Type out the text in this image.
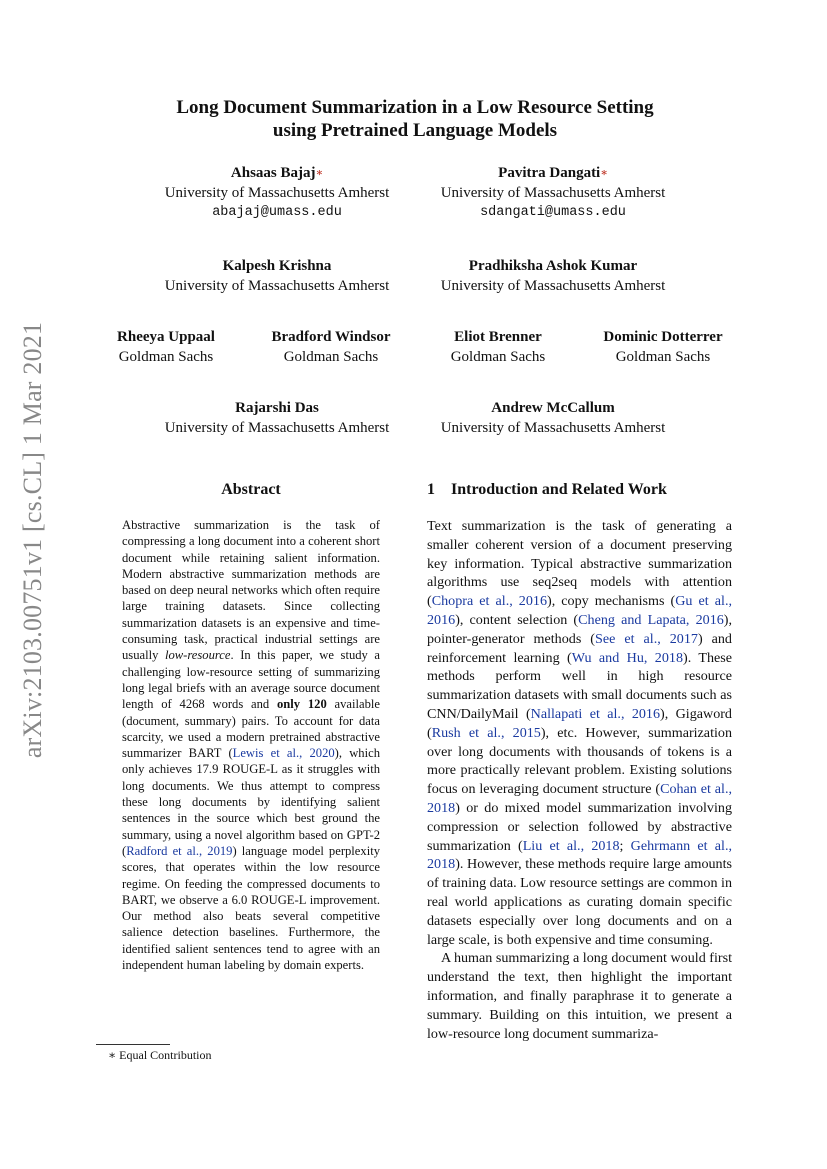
arXiv:2103.00751v1 [cs.CL] 1 Mar 2021
Long Document Summarization in a Low Resource Setting
using Pretrained Language Models
Ahsaas Bajaj∗
University of Massachusetts Amherst
abajaj@umass.edu
Pavitra Dangati∗
University of Massachusetts Amherst
sdangati@umass.edu
Kalpesh Krishna
University of Massachusetts Amherst
Pradhiksha Ashok Kumar
University of Massachusetts Amherst
Rheeya Uppaal
Goldman Sachs
Bradford Windsor
Goldman Sachs
Eliot Brenner
Goldman Sachs
Dominic Dotterrer
Goldman Sachs
Rajarshi Das
University of Massachusetts Amherst
Andrew McCallum
University of Massachusetts Amherst
Abstract

Abstractive summarization is the task of compressing a long document into a coherent short document while retaining salient information. Modern abstractive summarization methods are based on deep neural networks which often require large training datasets. Since collecting summarization datasets is an expensive and time-consuming task, practical industrial settings are usually low-resource. In this paper, we study a challenging low-resource setting of summarizing long legal briefs with an average source document length of 4268 words and only 120 available (document, summary) pairs. To account for data scarcity, we used a modern pretrained abstractive summarizer BART (Lewis et al., 2020), which only achieves 17.9 ROUGE-L as it struggles with long documents. We thus attempt to compress these long documents by identifying salient sentences in the source which best ground the summary, using a novel algorithm based on GPT-2 (Radford et al., 2019) language model perplexity scores, that operates within the low resource regime. On feeding the compressed documents to BART, we observe a 6.0 ROUGE-L improvement. Our method also beats several competitive salience detection baselines. Furthermore, the identified salient sentences tend to agree with an independent human labeling by domain experts.

1    Introduction and Related Work

Text summarization is the task of generating a smaller coherent version of a document preserving key information. Typical abstractive summarization algorithms use seq2seq models with attention (Chopra et al., 2016), copy mechanisms (Gu et al., 2016), content selection (Cheng and Lapata, 2016), pointer-generator methods (See et al., 2017) and reinforcement learning (Wu and Hu, 2018). These methods perform well in high resource summarization datasets with small documents such as CNN/DailyMail (Nallapati et al., 2016), Gigaword (Rush et al., 2015), etc. However, summarization over long documents with thousands of tokens is a more practically relevant problem. Existing solutions focus on leveraging document structure (Cohan et al., 2018) or do mixed model summarization involving compression or selection followed by abstractive summarization (Liu et al., 2018; Gehrmann et al., 2018). However, these methods require large amounts of training data. Low resource settings are common in real world applications as curating domain specific datasets especially over long documents and on a large scale, is both expensive and time consuming.

A human summarizing a long document would first understand the text, then highlight the important information, and finally paraphrase it to generate a summary. Building on this intuition, we present a low-resource long document summariza-

∗ Equal Contribution
